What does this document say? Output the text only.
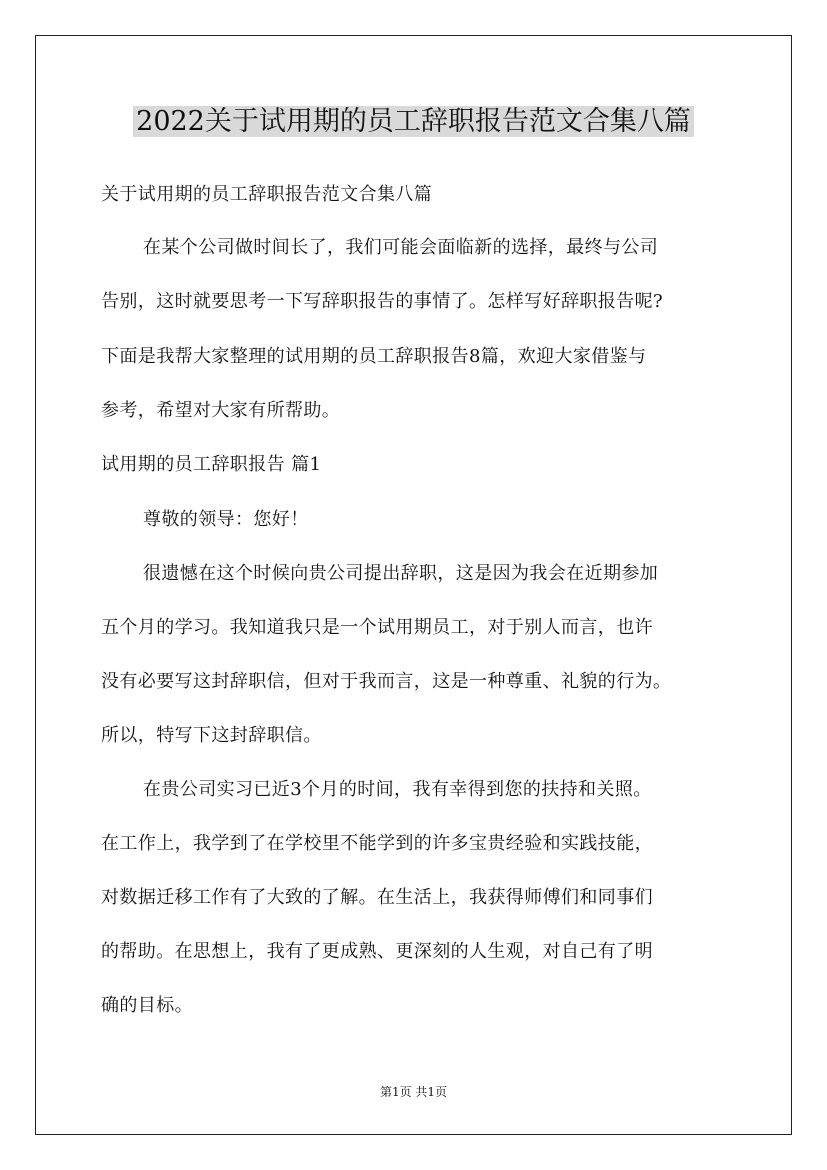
2022关于试用期的员工辞职报告范文合集八篇
关于试用期的员工辞职报告范文合集八篇
在某个公司做时间长了，我们可能会面临新的选择，最终与公司
告别，这时就要思考一下写辞职报告的事情了。怎样写好辞职报告呢?
下面是我帮大家整理的试用期的员工辞职报告8篇，欢迎大家借鉴与
参考，希望对大家有所帮助。
试用期的员工辞职报告 篇1
尊敬的领导：您好！
很遗憾在这个时候向贵公司提出辞职，这是因为我会在近期参加
五个月的学习。我知道我只是一个试用期员工，对于别人而言，也许
没有必要写这封辞职信，但对于我而言，这是一种尊重、礼貌的行为。
所以，特写下这封辞职信。
在贵公司实习已近3个月的时间，我有幸得到您的扶持和关照。
在工作上，我学到了在学校里不能学到的许多宝贵经验和实践技能，
对数据迁移工作有了大致的了解。在生活上，我获得师傅们和同事们
的帮助。在思想上，我有了更成熟、更深刻的人生观，对自己有了明
确的目标。
第1页 共1页
